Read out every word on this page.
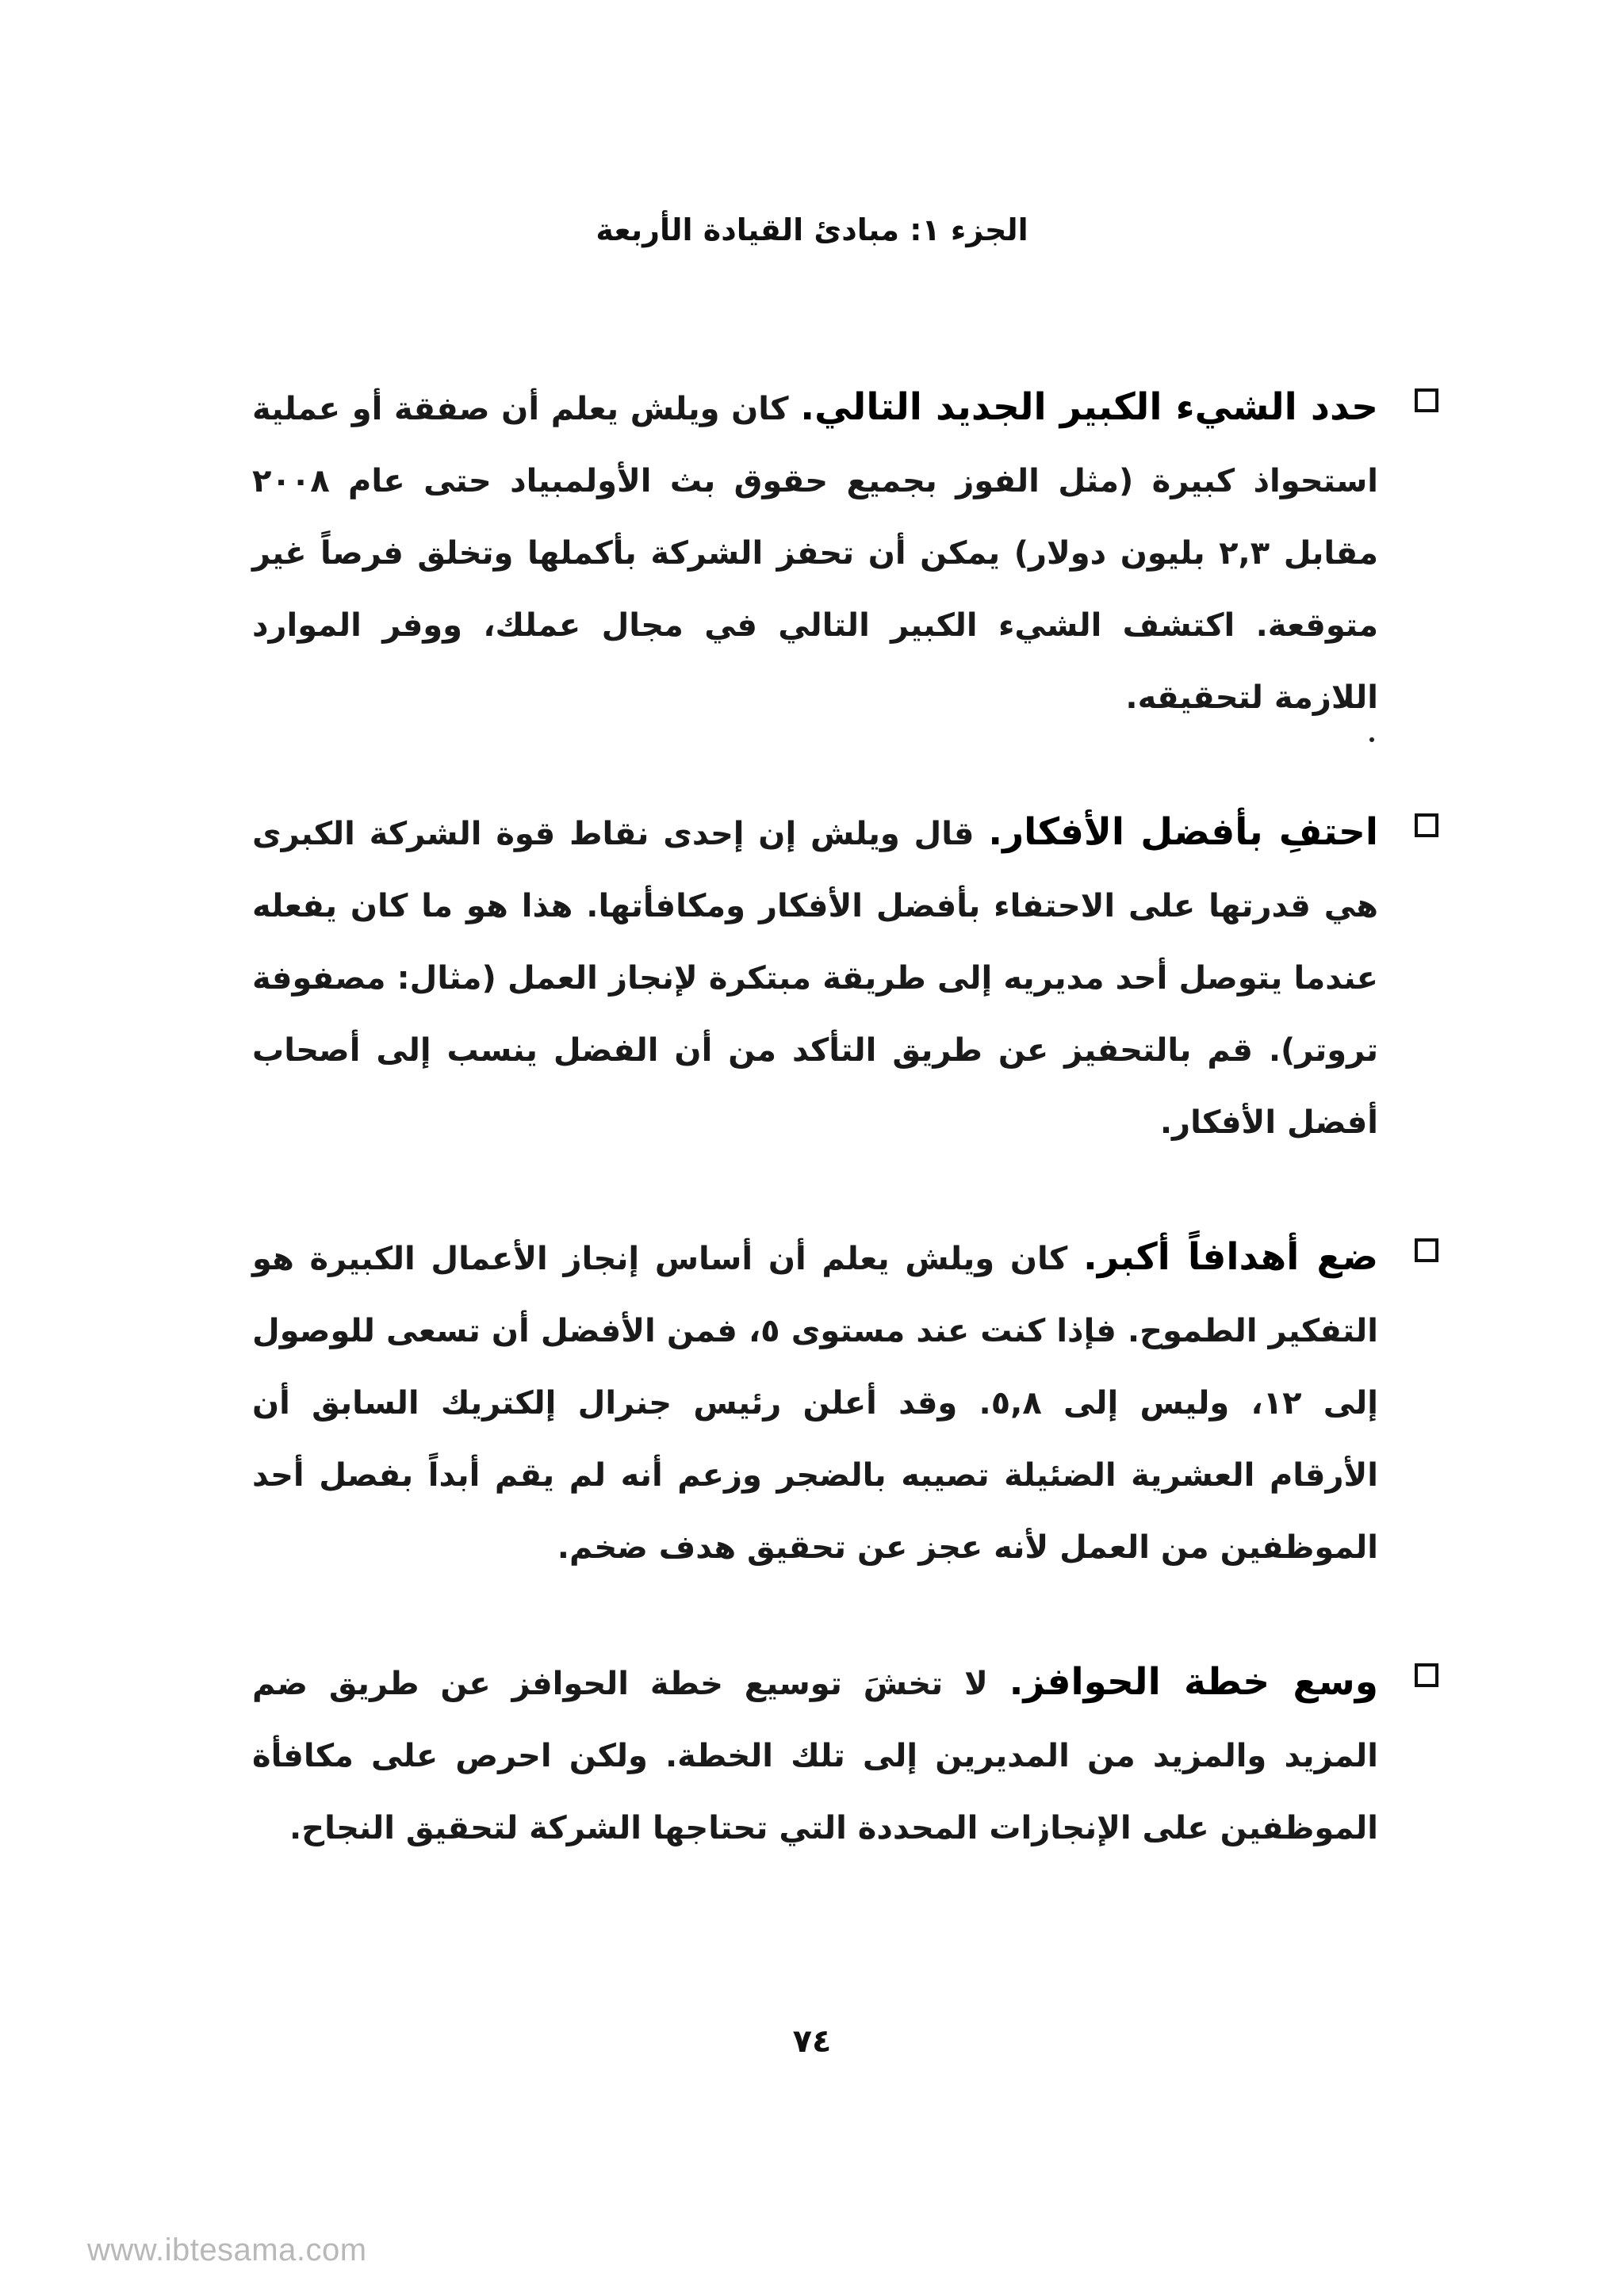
الجزء ١: مبادئ القيادة الأربعة
حدد الشيء الكبير الجديد التالي. كان ويلش يعلم أن صفقة أو عملية استحواذ كبيرة (مثل الفوز بجميع حقوق بث الأولمبياد حتى عام ٢٠٠٨ مقابل ٢,٣ بليون دولار) يمكن أن تحفز الشركة بأكملها وتخلق فرصاً غير متوقعة. اكتشف الشيء الكبير التالي في مجال عملك، ووفر الموارد اللازمة لتحقيقه.
احتفِ بأفضل الأفكار. قال ويلش إن إحدى نقاط قوة الشركة الكبرى هي قدرتها على الاحتفاء بأفضل الأفكار ومكافأتها. هذا هو ما كان يفعله عندما يتوصل أحد مديريه إلى طريقة مبتكرة لإنجاز العمل (مثال: مصفوفة تروتر). قم بالتحفيز عن طريق التأكد من أن الفضل ينسب إلى أصحاب أفضل الأفكار.
ضع أهدافاً أكبر. كان ويلش يعلم أن أساس إنجاز الأعمال الكبيرة هو التفكير الطموح. فإذا كنت عند مستوى ٥، فمن الأفضل أن تسعى للوصول إلى ١٢، وليس إلى ٥,٨. وقد أعلن رئيس جنرال إلكتريك السابق أن الأرقام العشرية الضئيلة تصيبه بالضجر وزعم أنه لم يقم أبداً بفصل أحد الموظفين من العمل لأنه عجز عن تحقيق هدف ضخم.
وسع خطة الحوافز. لا تخشَ توسيع خطة الحوافز عن طريق ضم المزيد والمزيد من المديرين إلى تلك الخطة. ولكن احرص على مكافأة الموظفين على الإنجازات المحددة التي تحتاجها الشركة لتحقيق النجاح.
٧٤
www.ibtesama.com
